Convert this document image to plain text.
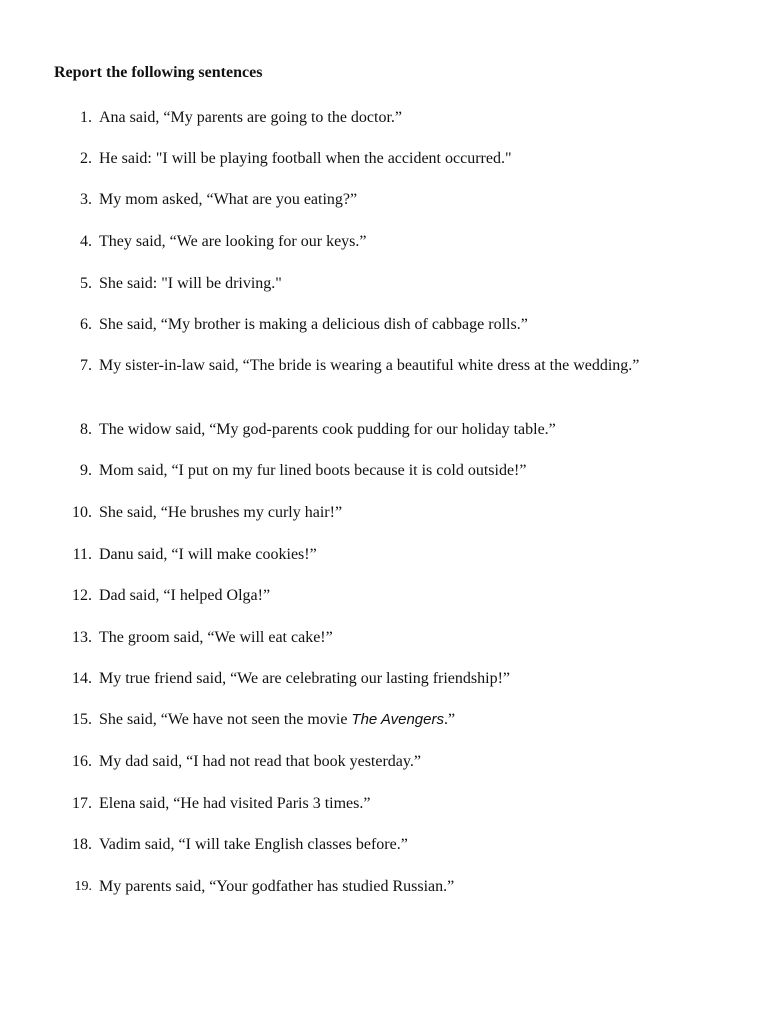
Report the following sentences
1. Ana said, “My parents are going to the doctor.”
2. He said: "I will be playing football when the accident occurred."
3. My mom asked, “What are you eating?”
4. They said, “We are looking for our keys.”
5. She said: "I will be driving."
6. She said, “My brother is making a delicious dish of cabbage rolls.”
7. My sister-in-law said, “The bride is wearing a beautiful white dress at the wedding.”
8. The widow said, “My god-parents cook pudding for our holiday table.”
9. Mom said, “I put on my fur lined boots because it is cold outside!”
10. She said, “He brushes my curly hair!”
11. Danu said, “I will make cookies!”
12. Dad said, “I helped Olga!”
13. The groom said, “We will eat cake!”
14. My true friend said, “We are celebrating our lasting friendship!”
15. She said, “We have not seen the movie The Avengers.”
16. My dad said, “I had not read that book yesterday.”
17. Elena said, “He had visited Paris 3 times.”
18. Vadim said, “I will take English classes before.”
19. My parents said, “Your godfather has studied Russian.”
